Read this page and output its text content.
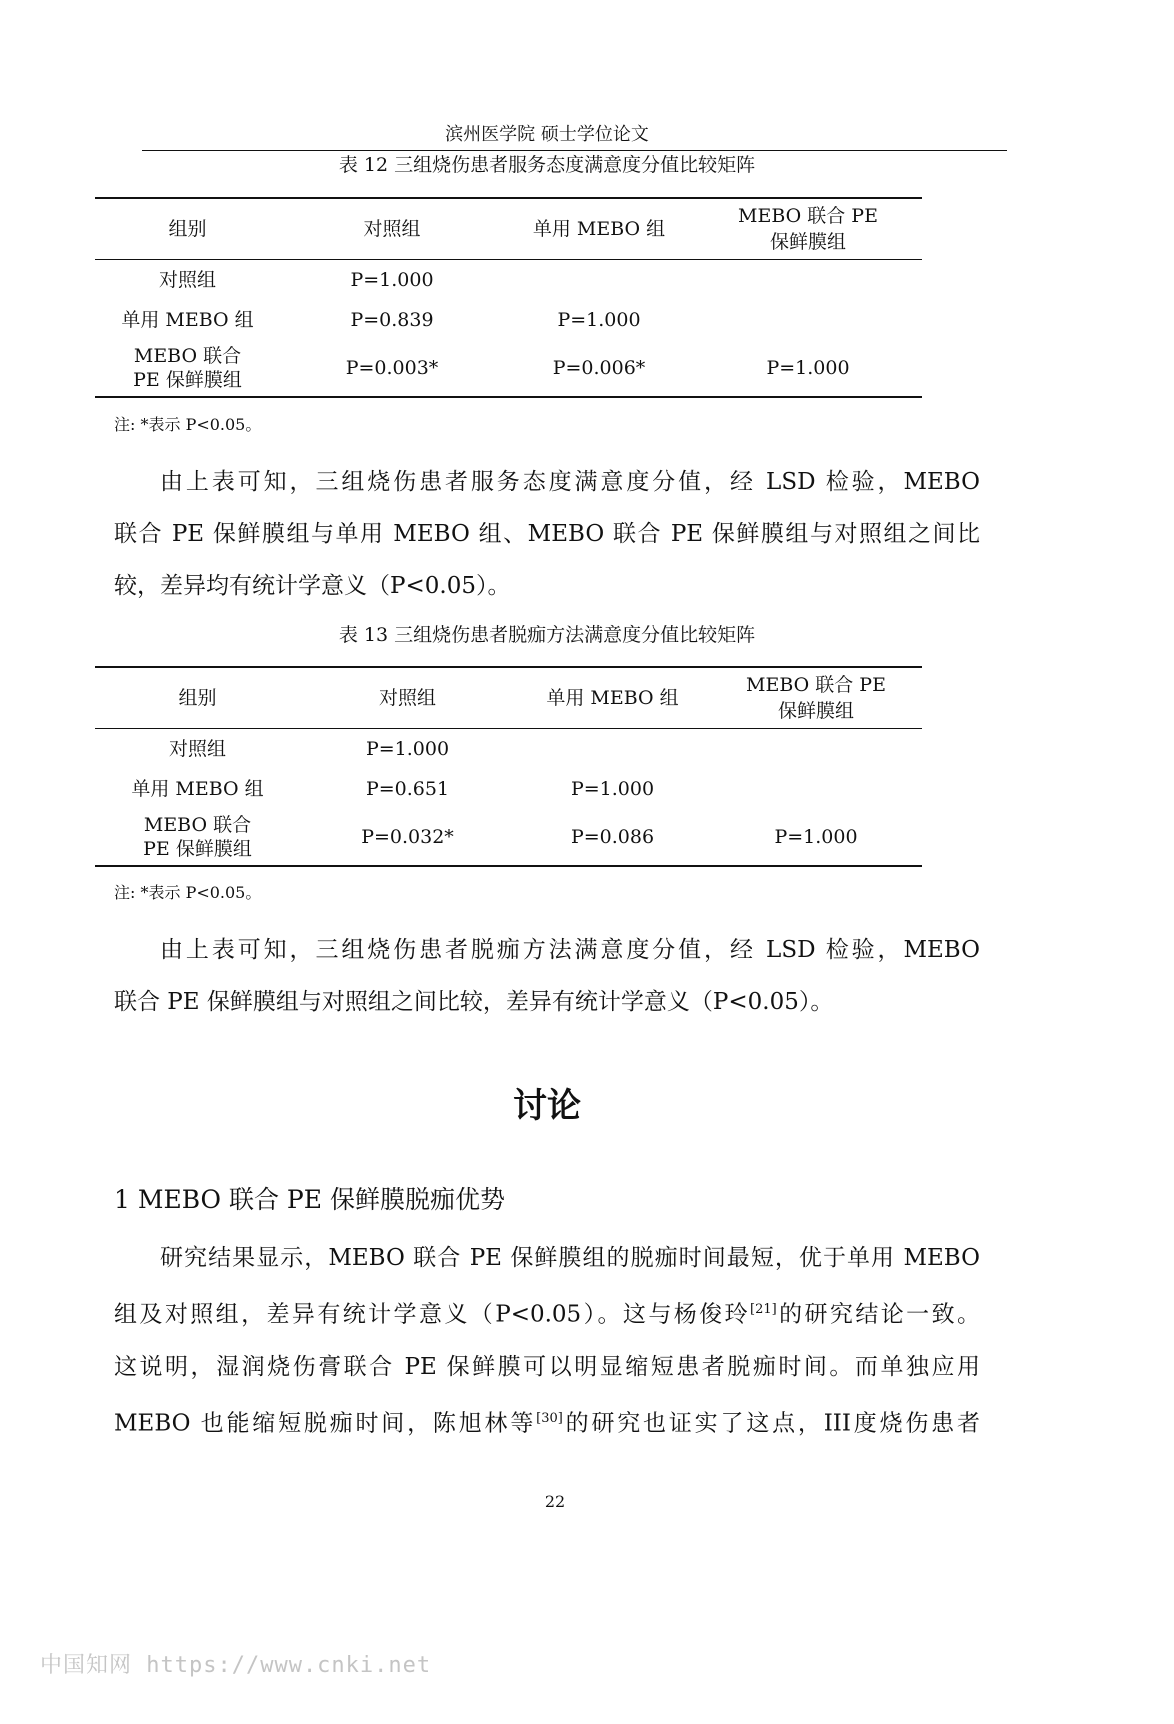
滨州医学院 硕士学位论文
表 12 三组烧伤患者服务态度满意度分值比较矩阵
组别	对照组	单用 MEBO 组	MEBO 联合 PE 保鲜膜组
对照组	P=1.000		
单用 MEBO 组	P=0.839	P=1.000	
MEBO 联合 PE 保鲜膜组	P=0.003*	P=0.006*	P=1.000
注: *表示 P<0.05。
由上表可知，三组烧伤患者服务态度满意度分值，经 LSD 检验，MEBO
联合 PE 保鲜膜组与单用 MEBO 组、MEBO 联合 PE 保鲜膜组与对照组之间比
较，差异均有统计学意义（P<0.05）。
表 13 三组烧伤患者脱痂方法满意度分值比较矩阵
组别	对照组	单用 MEBO 组	MEBO 联合 PE 保鲜膜组
对照组	P=1.000		
单用 MEBO 组	P=0.651	P=1.000	
MEBO 联合 PE 保鲜膜组	P=0.032*	P=0.086	P=1.000
注: *表示 P<0.05。
由上表可知，三组烧伤患者脱痂方法满意度分值，经 LSD 检验，MEBO
联合 PE 保鲜膜组与对照组之间比较，差异有统计学意义（P<0.05）。
讨论
1 MEBO 联合 PE 保鲜膜脱痂优势
研究结果显示，MEBO 联合 PE 保鲜膜组的脱痂时间最短，优于单用 MEBO
组及对照组，差异有统计学意义（P<0.05）。这与杨俊玲[21]的研究结论一致。
这说明，湿润烧伤膏联合 PE 保鲜膜可以明显缩短患者脱痂时间。而单独应用
MEBO 也能缩短脱痂时间，陈旭林等[30]的研究也证实了这点，III度烧伤患者
22
中国知网 https://www.cnki.net
